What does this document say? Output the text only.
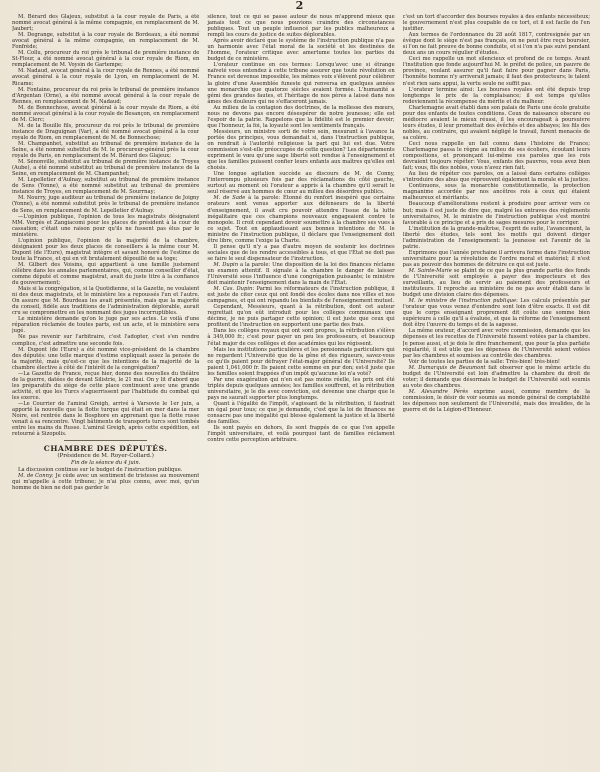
2

M. Bérard des Glajeux, substitut à la cour royale de Paris, a été nommé avocat général à la même compagnie, en remplacement de M. Jaubert;

M. Degrange, substitut à la cour royale de Bordeaux, a été nommé avocat général à la même compagnie, en remplacement de M. Fonfrède;

M. Collu, procureur du roi près le tribunal de première instance de St-Flour, a été nommé avocat général à la cour royale de Riom, en remplacement de M. Voysin de Gartempe;

M. Nadaud, avocat général à la cour royale de Rennes, a été nommé avocat général à la cour royale de Lyon, en remplacement de M. Ricame;

M. Fontaine, procureur du roi près le tribunal de première instance d'Argentan (Orne), a été nommé avocat général à la cour royale de Rennes, en remplacement de M. Nadaud;

M. de Bonnechose, avocat général à la cour royale de Riom, a été nommé avocat général à la cour royale de Besançon, en remplacement de M. Clerc;

M. de la Bouille fils, procureur du roi près le tribunal de première instance de Draguignan (Var), a été nommé avocat général à la cour royale de Riom, en remplacement de M. de Bonnechose;

M. Champanhet, substitut au tribunal de première instance de la Seine, a été nommé substitut de M. le procureur-général près la cour royale de Paris, en remplacement de M. Bérard des Glajeux;

M. Sénonville, substitut au tribunal de première instance de Troyes (Aube), a été nommé substitut au tribunal de première instance de la Seine, en remplacement de M. Champanhet;

M. Lepelletier d'Aulnay, substitut au tribunal de première instance de Sens (Yonne), a été nommé substitut au tribunal de première instance de Troyes, en remplacement de M. Sourrnay;

M. Nourry, juge auditeur au tribunal de première instance de Joigny (Yonne), a été nommé substitut près le tribunal de première instance de Sens, en remplacement de M. Lepelletier d'Aulnay.

—L'opinion publique, l'opinion de tous les magistrats désignaient MM. Vergès et Zangiacomi pour les places de président à la cour de cassation; c'était une raison pour qu'ils ne fussent pas élus par le ministère.

L'opinion publique, l'opinion de la majorité de la chambre, désignaient pour les deux places de conseillers à la même cour M. Dupont (de l'Eure), magistrat intègre et savant honoré de l'estime de toute la France, et qui en vit brutalement dépouillé de sa toge;

M. Gilbert des Voisins, qui appartient à une famille justement célèbre dans les annales parlementaires, qui, connue conseiller d'état, comme député et comme magistrat, avait du juste titre à la confiance du gouvernement;

Mais si la congrégation, si la Quotidienne, si la Gazette, ne voulaient ni des deux magistrats, et le ministère les a repoussés l'un et l'autre. On assure que M. Bourdeau les avait présentés, mais que la majorité du conseil, fidèle aux traditions de l'administration déplorable, aurait cru se compromettre en les nommant des juges incorruptibles.

Le ministère demande qu'on le juge par ses actes. Le voilà d'une réparation réclamée de toutes parts, est un acte, et le ministère sera jugé.

Ne pas revenir sur l'arbitraire, c'est l'adopter, c'est s'en rendre complice, c'est admettre une seconde fois.

M. Dupont (de l'Eure) a été nommé vice-président de la chambre des députés: une telle marque d'estime expliquait assez la pensée de la majorité, mais qu'est-ce que les intentions de la majorité de la chambre élective à côté de l'intérêt de la congrégation?

—La Gazette de France, reçue hier, donne des nouvelles du théâtre de la guerre, datées de devant Silistrie, le 21 mai. On y lit d'abord que les préparatifs du siège de cette place continuent avec une grande activité, et que les Turcs s'aguerrissent par l'habitude du combat qui les exerce.

—Le Courrier de l'amiral Greigh, arrivé à Varsovie le 1er juin, a apporté la nouvelle que la flotte turque qui était en mer dans la mer Noire, est rentrée dans le Bosphore en apprenant que la flotte russe venait à sa rencontre. Vingt bâtiments de transports turcs sont tombés entre les mains du Russe. L'amiral Greigh, après cette expédition, est retourné à Sizopolis.

CHAMBRE DES DÉPUTÉS.
(Présidence de M. Royer-Collard.)
Fin de la séance du 4 juin.

La discussion continue sur le budget de l'instruction publique.

M. de Conny: Je cède avec un sentiment de tristesse au mouvement qui m'appelle à cette tribune; je n'ai plus connu, avec moi, qu'un homme de bien ne doit pas garder le

silence, tout ce qui se passe autour de nous m'apprend mieux que jamais tout ce que nous pouvions craindre des circonstances publiques. Tout un peuple influencé par les publics malheureux a rempli les cours de justice de suites déplorables.

Après avoir déclaré que le système de l'instruction publique n'a pas un harmonie avec l'état moral de la société et les destinées de l'homme, l'orateur critique avec amertume toutes les parties du budget de ce ministère.

L'orateur continue en ces termes: Lorsqu'avec une si étrange naïveté vous entendez à cette tribune assurer que toute révolution en France est devenue impossible, les mêmes voix s'élèvent pour célébrer la gloire d'une Assemblée funeste qui renversa en quelques années une monarchie que quatorze siècles avaient formée. L'humanité a gémi des grandes fautes, et l'héritage de nos pères a laissé dans nos âmes des douleurs qui ne s'effaceront jamais.

Au milieu de la contagion des doctrines, de la mollesse des mœurs, nous ne devons pas encore désespérer de notre jeunesse; elle est l'espoir de la patrie. Rappelons que la fidélité est le premier devoir; que l'honneur, la foi, la loyauté sont les sentiments français.

Messieurs, un ministre sorti de votre sein, mesurant à l'avance la portée des principes, vous demandait si, dans l'instruction publique, on rendrait à l'autorité religieuse la part qui lui est due. Votre commission s'est-elle préoccupée de cette question? Les départements expriment le vœu qu'une sage liberté soit rendue à l'enseignement et que les familles puissent confier leurs enfants aux maîtres qu'elles ont choisis.

Une longue agitation succède au discours de M. de Conny, l'interrompu plusieurs fois par des réclamations du côté gauche, surtout au moment où l'orateur a appris à la chambre qu'il serait le seul réservé aux hommes de cœur au milieu des désordres publics.

M. de Sade à la parole: Étonné du renfort inespéré que certains orateurs sont venus apporter aux défenseurs de la liberté d'enseignement, il avait cru pouvoir attendre l'issue de la lutte inégalitaire que ces champions nouveaux engageaient contre le monopole. Il croit cependant devoir soumettre à la chambre ses vues à ce sujet. Tout en applaudissant aux bonnes intentions de M. le ministre de l'instruction publique, il déclare que l'enseignement doit être libre, comme l'exige la Charte.

Il pense qu'il n'y a pas d'autre moyen de soutenir les doctrines sociales que de les rendre accessibles à tous, et que l'État ne doit pas se faire le seul dispensateur de l'instruction.

M. Dupin a la parole: Une disposition de la loi des finances réclame un examen attentif. Il signale à la chambre le danger de laisser l'Université sous l'influence d'une congrégation puissante; le ministre doit maintenir l'enseignement dans la main de l'État.

M. Cas. Dupin: Parmi les réformateurs de l'instruction publique, il est juste de citer ceux qui ont fondé des écoles dans nos villes et nos campagnes, et qui ont répandu les bienfaits de l'enseignement mutuel.

Cependant, Messieurs, quant à la rétribution, dont cet auteur regrettait qu'on eût introduit pour les collèges communaux une décime, je ne puis partager cette opinion; il est juste que ceux qui profitent de l'instruction en supportent une partie des frais.

Dans les collèges royaux qui ont sont propres, la rétribution s'élève à 349,000 fr.; c'est pour payer un peu les professeurs, et beaucoup l'état major de ces collèges et des académies qui les régissent.

Mais les institutions particulières et les pensionnats particuliers qui ne regardent l'Université que de la gêne et des rigueurs, savez-vous ce qu'ils paient pour défrayer l'état-major général de l'Université? Ils paient 1,041,000 fr. Ils paient cette somme en pur don; est-il juste que les familles soient frappées d'un impôt qu'aucune loi n'a voté?

Par une exagération qui n'en est pas moins réelle, les prix ont été triplés depuis quelques années; les familles souffrent, et la rétribution universitaire, je le dis avec conviction, est devenue une charge que le pays ne saurait supporter plus longtemps.

Quant à l'égalité de l'impôt, s'agissant de la rétribution, il faudrait un égal pour tous; ce que je demande, c'est que la loi de finances ne consacre pas une inégalité qui blesse également la justice et la liberté des familles.

Ils sont payés en dehors, ils sont frappés de ce que l'on appelle l'impôt universitaire, et voilà pourquoi tant de familles réclament contre cette perception arbitraire.

c'est un tort d'accorder des bourses royales à des enfants nécessiteux; le gouvernement n'est plus coupable de ce tort, et il est facile de l'en justifier.

Aux termes de l'ordonnance du 28 août 1817, contresignée par un évêque dont le siège n'est pas français, on ne peut être reçu boursier, si l'on ne fait preuve de bonne conduite, et si l'on n'a pas suivi pendant deux ans un cours régulier d'études.

Ceci me rappelle un mot silencieux et profond de ce temps. Avant l'institution que fonde aujourd'hui M. le préfet de police, un pauvre de province, voulant assurer qu'il faut faire pour gagner dans Paris, l'honnête homme n'y arriverait jamais; il faut des protecteurs; le talent n'est rien sans appui, la vertu seule ne suffit pas.

L'orateur termine ainsi: Les bourses royales ont été depuis trop longtemps le prix de la complaisance; il est temps qu'elles redeviennent la récompense du mérite et du malheur.

Charlemagne avait établi dans son palais de Paris une école gratuite pour des enfants de toutes conditions. Ceux de naissance obscure ou médiocre avaient le mieux réussi, il les encourageait à poursuivre leurs études, il leur promettait des évêchés et des abbayes; les fils des nobles, au contraire, qui avaient négligé le travail, furent menacés de sa colère.

Ceci nous rappelle un fait connu dans l'histoire de France; Charlemagne passa le règne au milieu de ses écoliers, écoutant leurs compositions, et prononçant lui-même ces paroles que les rois devraient toujours répéter: Vous, enfants des pauvres, vous avez bien fait; vous, fils des nobles, vous n'avez rien fait.

Au lieu de répéter ces paroles, on a laissé dans certains collèges s'introduire des abus que réprouvent également la morale et la justice.

Continuons, sous la monarchie constitutionnelle, la protection magnanime accordée par nos ancêtres rois à ceux qui étaient malheureux et méritants.

Beaucoup d'améliorations restent à produire pour arriver vers ce but; mais il est juste de dire que, malgré les entraves des règlements universitaires, M. le ministre de l'instruction publique s'est montré favorable à ce principe et a pris de sages mesures pour le corriger.

L'institution de la grande-maîtrise, l'esprit de suite, l'avancement, la liberté des études, tels sont les motifs qui doivent diriger l'administration de l'enseignement: la jeunesse est l'avenir de la patrie.

Exprimons que l'année prochaine il arrivera ferme dans l'instruction universitaire pour la révolution de l'ordre moral et matériel; il n'est pas au pouvoir des hommes de détruire ce qui est juste.

M. Sainte-Marie se plaint de ce que la plus grande partie des fonds de l'Université soit employée à payer des inspecteurs et des surveillants, au lieu de servir au paiement des professeurs et instituteurs. Il reproche au ministère de ne pas avoir établi dans le budget une division claire des dépenses.

M. le ministre de l'instruction publique: Les calculs présentés par l'orateur que vous venez d'entendre sont loin d'être exacts. Il est dit que le corps enseignant proprement dit coûte une somme bien supérieure à celle qu'il a évaluée, et que la réforme de l'enseignement doit être l'œuvre du temps et de la sagesse.

La même orateur, d'accord avec votre commission, demande que les dépenses et les recettes de l'Université fussent votées par la chambre. Je pense aussi, et je dois le dire franchement, que pour la plus parfaite régularité, il est utile que les dépenses de l'Université soient votées par les chambres et soumises au contrôle des chambres.

Voir de toutes les parties de la salle: Très-bien! très-bien!

M. Dumarquis de Beaumont fait observer que le même article du budget de l'Université est loin d'admettre la chambre du droit de voter; il demande que désormais le budget de l'Université soit soumis au vote des chambres.

M. Alexandre Pérès exprime aussi, comme membre de la commission, le désir de voir soumis au monde général de comptabilité les dépenses non seulement de l'Université, mais des invalides, de la guerre et de la Légion-d'Honneur.
